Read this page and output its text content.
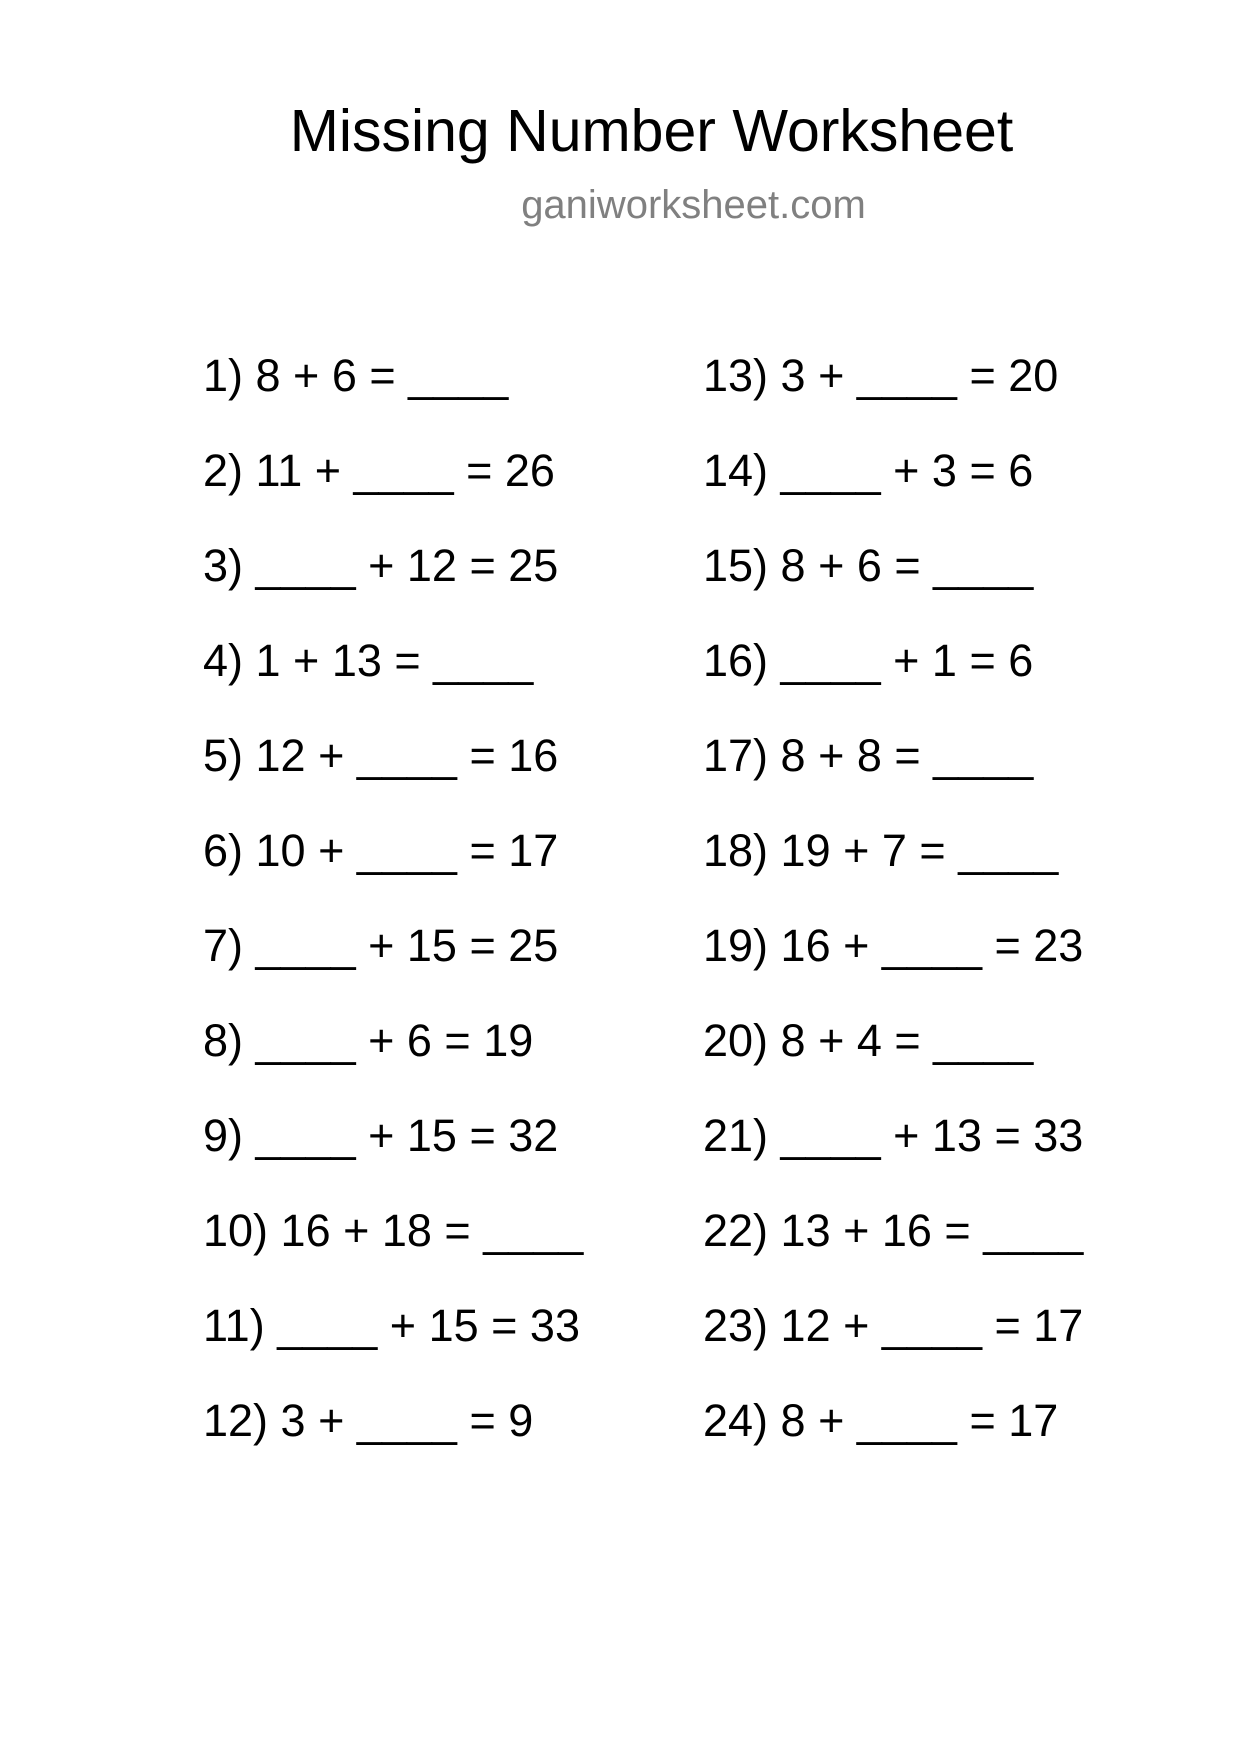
Missing Number Worksheet
ganiworksheet.com
1) 8 + 6 = ____
2) 11 + ____ = 26
3) ____ + 12 = 25
4) 1 + 13 = ____
5) 12 + ____ = 16
6) 10 + ____ = 17
7) ____ + 15 = 25
8) ____ + 6 = 19
9) ____ + 15 = 32
10) 16 + 18 = ____
11) ____ + 15 = 33
12) 3 + ____ = 9
13) 3 + ____ = 20
14) ____ + 3 = 6
15) 8 + 6 = ____
16) ____ + 1 = 6
17) 8 + 8 = ____
18) 19 + 7 = ____
19) 16 + ____ = 23
20) 8 + 4 = ____
21) ____ + 13 = 33
22) 13 + 16 = ____
23) 12 + ____ = 17
24) 8 + ____ = 17
